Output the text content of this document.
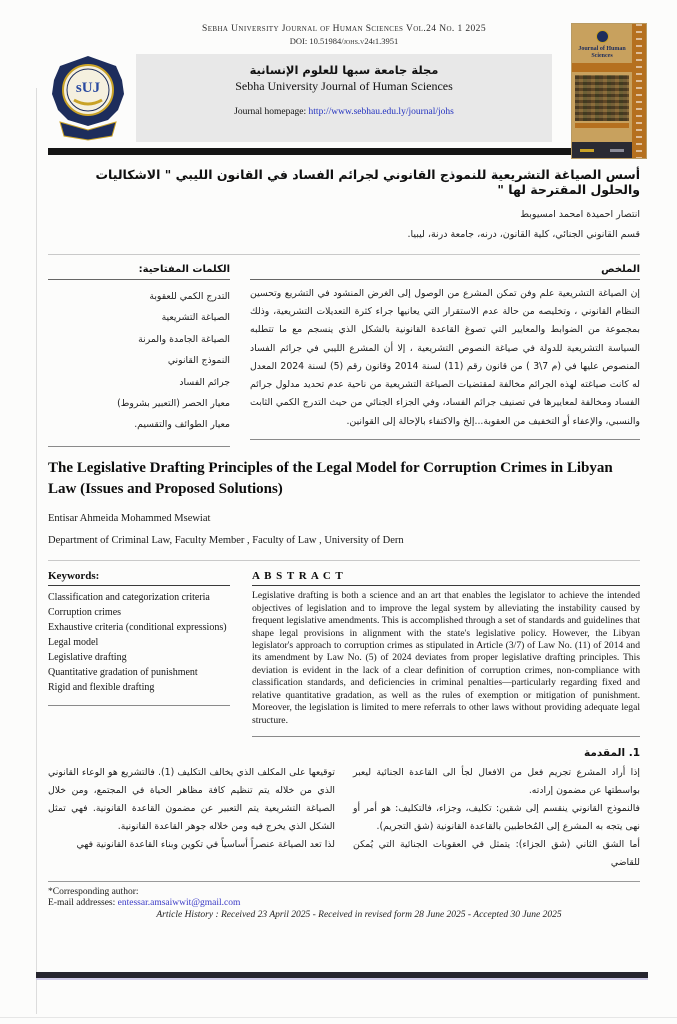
Sebha University Journal of Human Sciences Vol.24 No. 1 2025
DOI: 10.51984/johs.v24i1.3951
sUJ
مجلة جامعة سبها للعلوم الإنسانية
Sebha University Journal of Human Sciences
Journal homepage: http://www.sebhau.edu.ly/journal/johs
Journal of Human Sciences
أسس الصياغة التشريعية للنموذج القانوني لجرائم الفساد في القانون الليبي " الاشكاليات والحلول المقترحة لها "
انتصار احميدة امحمد امسيوبط
قسم القانوني الجنائي، كلية القانون، درنه، جامعة درنة، ليبيا.
الملخص
إن الصياغة التشريعية علم وفن تمكن المشرع من الوصول إلى الغرض المنشود في التشريع وتحسين النظام القانوني ، وتخليصه من حالة عدم الاستقرار التي يعانيها جراء كثرة التعديلات التشريعية، وذلك بمجموعة من الضوابط والمعايير التي تصوغ القاعدة القانونية بالشكل الذي ينسجم مع ما تتطلبه السياسة التشريعية للدولة في صياغة النصوص التشريعية ، إلا أن المشرع الليبي في جرائم الفساد المنصوص عليها في (م 7\3 ) من قانون رقم (11) لسنة 2014 وقانون رقم (5) لسنة 2024 المعدل له كانت صياغته لهذه الجرائم مخالفة لمقتضيات الصياغة التشريعية من ناحية عدم تحديد مدلول جرائم الفساد ومخالفة لمعاييرها في تصنيف جرائم الفساد، وفي الجزاء الجنائي من حيث التدرج الكمي الثابت والنسبي، والإعفاء أو التخفيف من العقوبة...إلخ والاكتفاء بالإحالة إلى القوانين.
الكلمات المفتاحية:
التدرج الكمي للعقوبة
الصياغة التشريعية
الصياغة الجامدة والمرنة
النموذج القانوني
جرائم الفساد
معيار الحصر (التعبير بشروط)
معيار الطوائف والتقسيم.
The Legislative Drafting Principles of the Legal Model for Corruption Crimes in Libyan Law (Issues and Proposed Solutions)
Entisar Ahmeida Mohammed Msewiat
Department of Criminal Law, Faculty Member , Faculty of Law , University of Dern
Keywords:
Classification and categorization criteria
Corruption crimes
Exhaustive criteria (conditional expressions)
Legal model
Legislative drafting
Quantitative gradation of punishment
Rigid and flexible drafting
A B S T R A C T
Legislative drafting is both a science and an art that enables the legislator to achieve the intended objectives of legislation and to improve the legal system by alleviating the instability caused by frequent legislative amendments. This is accomplished through a set of standards and guidelines that shape legal provisions in alignment with the state's legislative policy. However, the Libyan legislator's approach to corruption crimes as stipulated in Article (3/7) of Law No. (11) of 2014 and its amendment by Law No. (5) of 2024 deviates from proper legislative drafting principles. This deviation is evident in the lack of a clear definition of corruption crimes, non-compliance with classification standards, and deficiencies in criminal penalties—particularly regarding fixed and relative quantitative gradation, as well as the rules of exemption or mitigation of punishment. Moreover, the legislation is limited to mere referrals to other laws without providing adequate legal structure.
1. المقدمة

إذا أراد المشرع تجريم فعل من الافعال لجأ الى القاعدة الجنائية ليعبر بواسطتها عن مضمون إرادته.

فالنموذج القانوني ينقسم إلى شقين: تكليف، وجزاء، فالتكليف: هو أمر أو نهى يتجه به المشرع إلى المُخاطبين بالقاعدة القانونية (شق التجريم).

أما الشق الثاني (شق الجزاء): يتمثل في العقوبات الجنائية التي يُمكن للقاضي

توقيعها على المكلف الذي يخالف التكليف (1). فالتشريع هو الوعاء القانوني الذي من خلاله يتم تنظيم كافة مظاهر الحياة في المجتمع، ومن خلال الصياغة التشريعية يتم التعبير عن مضمون القاعدة القانونية. فهي تمثل الشكل الذي يخرج فيه ومن خلاله جوهر القاعدة القانونية.

لذا تعد الصياغة عنصراً أساسياً في تكوين وبناء القاعدة القانونية فهي

*Corresponding author:
E-mail addresses: entessar.amsaiwwit@gmail.com
Article History : Received 23 April 2025 - Received in revised form 28 June 2025 - Accepted 30 June 2025
